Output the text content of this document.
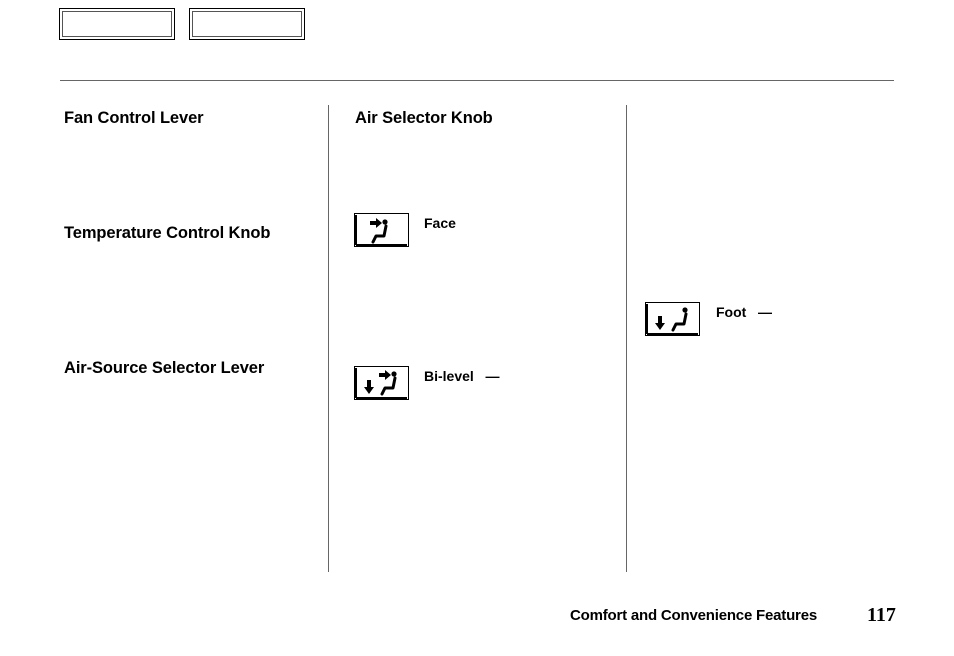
Fan Control Lever
Temperature Control Knob
Air-Source Selector Lever
Air Selector Knob
Face
Bi-level   —
Foot   —
Comfort and Convenience Features	117
